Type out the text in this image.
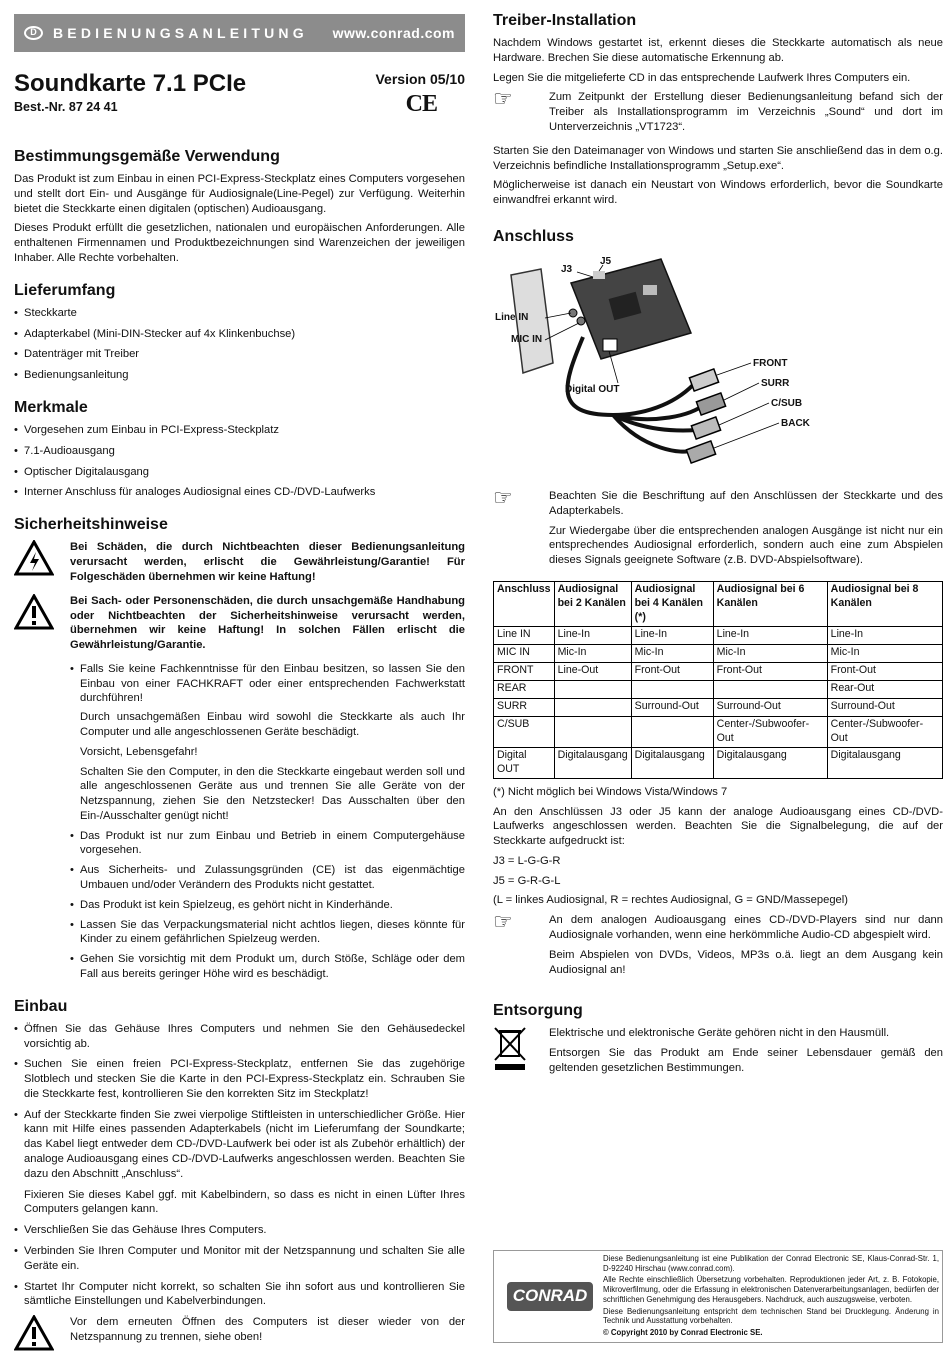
D	BEDIENUNGSANLEITUNG www.conrad.com
Soundkarte 7.1 PCIe
Best.-Nr. 87 24 41
Version 05/10
CE
Bestimmungsgemäße Verwendung

Das Produkt ist zum Einbau in einen PCI-Express-Steckplatz eines Computers vorgesehen und stellt dort Ein- und Ausgänge für Audiosignale(Line-Pegel) zur Verfügung. Weiterhin bietet die Steckkarte einen digitalen (optischen) Audioausgang.

Dieses Produkt erfüllt die gesetzlichen, nationalen und europäischen Anforderungen. Alle enthaltenen Firmennamen und Produktbezeichnungen sind Warenzeichen der jeweiligen Inhaber. Alle Rechte vorbehalten.

Lieferumfang
• Steckkarte
• Adapterkabel (Mini-DIN-Stecker auf 4x Klinkenbuchse)
• Datenträger mit Treiber
• Bedienungsanleitung
Merkmale
• Vorgesehen zum Einbau in PCI-Express-Steckplatz
• 7.1-Audioausgang
• Optischer Digitalausgang
• Interner Anschluss für analoges Audiosignal eines CD-/DVD-Laufwerks
Sicherheitshinweise

Bei Schäden, die durch Nichtbeachten dieser Bedienungsanleitung verursacht werden, erlischt die Gewährleistung/Garantie! Für Folgeschäden übernehmen wir keine Haftung!

Bei Sach- oder Personenschäden, die durch unsachgemäße Handhabung oder Nichtbeachten der Sicherheitshinweise verursacht werden, übernehmen wir keine Haftung! In solchen Fällen erlischt die Gewährleistung/Garantie.

• Falls Sie keine Fachkenntnisse für den Einbau besitzen, so lassen Sie den Einbau von einer FACHKRAFT oder einer entsprechenden Fachwerkstatt durchführen!

Durch unsachgemäßen Einbau wird sowohl die Steckkarte als auch Ihr Computer und alle angeschlossenen Geräte beschädigt.

Vorsicht, Lebensgefahr!

Schalten Sie den Computer, in den die Steckkarte eingebaut werden soll und alle angeschlossenen Geräte aus und trennen Sie alle Geräte von der Netzspannung, ziehen Sie den Netzstecker! Das Ausschalten über den Ein-/Ausschalter genügt nicht!

• Das Produkt ist nur zum Einbau und Betrieb in einem Computergehäuse vorgesehen.
• Aus Sicherheits- und Zulassungsgründen (CE) ist das eigenmächtige Umbauen und/oder Verändern des Produkts nicht gestattet.
• Das Produkt ist kein Spielzeug, es gehört nicht in Kinderhände.
• Lassen Sie das Verpackungsmaterial nicht achtlos liegen, dieses könnte für Kinder zu einem gefährlichen Spielzeug werden.
• Gehen Sie vorsichtig mit dem Produkt um, durch Stöße, Schläge oder dem Fall aus bereits geringer Höhe wird es beschädigt.
Einbau
• Öffnen Sie das Gehäuse Ihres Computers und nehmen Sie den Gehäusedeckel vorsichtig ab.
• Suchen Sie einen freien PCI-Express-Steckplatz, entfernen Sie das zugehörige Slotblech und stecken Sie die Karte in den PCI-Express-Steckplatz ein. Schrauben Sie die Steckkarte fest, kontrollieren Sie den korrekten Sitz im Steckplatz!
• Auf der Steckkarte finden Sie zwei vierpolige Stiftleisten in unterschiedlicher Größe. Hier kann mit Hilfe eines passenden Adapterkabels (nicht im Lieferumfang der Soundkarte; das Kabel liegt entweder dem CD-/DVD-Laufwerk bei oder ist als Zubehör erhältlich) der analoge Audioausgang eines CD-/DVD-Laufwerks angeschlossen werden. Beachten Sie dazu den Abschnitt „Anschluss“.

Fixieren Sie dieses Kabel ggf. mit Kabelbindern, so dass es nicht in einen Lüfter Ihres Computers gelangen kann.

• Verschließen Sie das Gehäuse Ihres Computers.
• Verbinden Sie Ihren Computer und Monitor mit der Netzspannung und schalten Sie alle Geräte ein.
• Startet Ihr Computer nicht korrekt, so schalten Sie ihn sofort aus und kontrollieren Sie sämtliche Einstellungen und Kabelverbindungen.

Vor dem erneuten Öffnen des Computers ist dieser wieder von der Netzspannung zu trennen, siehe oben!

Treiber-Installation

Nachdem Windows gestartet ist, erkennt dieses die Steckkarte automatisch als neue Hardware. Brechen Sie diese automatische Erkennung ab.

Legen Sie die mitgelieferte CD in das entsprechende Laufwerk Ihres Computers ein.

☞	Zum Zeitpunkt der Erstellung dieser Bedienungsanleitung befand sich der Treiber als Installationsprogramm im Verzeichnis „Sound“ und dort im Unterverzeichnis „VT1723“.

Starten Sie den Dateimanager von Windows und starten Sie anschließend das in dem o.g. Verzeichnis befindliche Installationsprogramm „Setup.exe“.

Möglicherweise ist danach ein Neustart von Windows erforderlich, bevor die Soundkarte einwandfrei erkannt wird.

Anschluss
J3
J5
Line IN
MIC IN
Digital OUT
FRONT
SURR
C/SUB
BACK
☞	Beachten Sie die Beschriftung auf den Anschlüssen der Steckkarte und des Adapterkabels.

Zur Wiedergabe über die entsprechenden analogen Ausgänge ist nicht nur ein entsprechendes Audiosignal erforderlich, sondern auch eine zum Abspielen dieses Signals geeignete Software (z.B. DVD-Abspielsoftware).

Anschluss	Audiosignal bei 2 Kanälen	Audiosignal bei 4 Kanälen (*)	Audiosignal bei 6 Kanälen	Audiosignal bei 8 Kanälen
Line IN	Line-In	Line-In	Line-In	Line-In
MIC IN	Mic-In	Mic-In	Mic-In	Mic-In
FRONT	Line-Out	Front-Out	Front-Out	Front-Out
REAR				Rear-Out
SURR		Surround-Out	Surround-Out	Surround-Out
C/SUB			Center-/Subwoofer-Out	Center-/Subwoofer-Out
Digital OUT	Digitalausgang	Digitalausgang	Digitalausgang	Digitalausgang

(*) Nicht möglich bei Windows Vista/Windows 7

An den Anschlüssen J3 oder J5 kann der analoge Audioausgang eines CD-/DVD-Laufwerks angeschlossen werden. Beachten Sie die Signalbelegung, die auf der Steckkarte aufgedruckt ist:

J3 = L-G-G-R

J5 = G-R-G-L

(L = linkes Audiosignal, R = rechtes Audiosignal, G = GND/Massepegel)

☞	An dem analogen Audioausgang eines CD-/DVD-Players sind nur dann Audiosignale vorhanden, wenn eine herkömmliche Audio-CD abgespielt wird.

Beim Abspielen von DVDs, Videos, MP3s o.ä. liegt an dem Ausgang kein Audiosignal an!

Entsorgung

Elektrische und elektronische Geräte gehören nicht in den Hausmüll.

Entsorgen Sie das Produkt am Ende seiner Lebensdauer gemäß den geltenden gesetzlichen Bestimmungen.

CONRAD

Diese Bedienungsanleitung ist eine Publikation der Conrad Electronic SE, Klaus-Conrad-Str. 1, D-92240 Hirschau (www.conrad.com).

Alle Rechte einschließlich Übersetzung vorbehalten. Reproduktionen jeder Art, z. B. Fotokopie, Mikroverfilmung, oder die Erfassung in elektronischen Datenverarbeitungsanlagen, bedürfen der schriftlichen Genehmigung des Herausgebers. Nachdruck, auch auszugsweise, verboten.

Diese Bedienungsanleitung entspricht dem technischen Stand bei Drucklegung. Änderung in Technik und Ausstattung vorbehalten.

© Copyright 2010 by Conrad Electronic SE.
